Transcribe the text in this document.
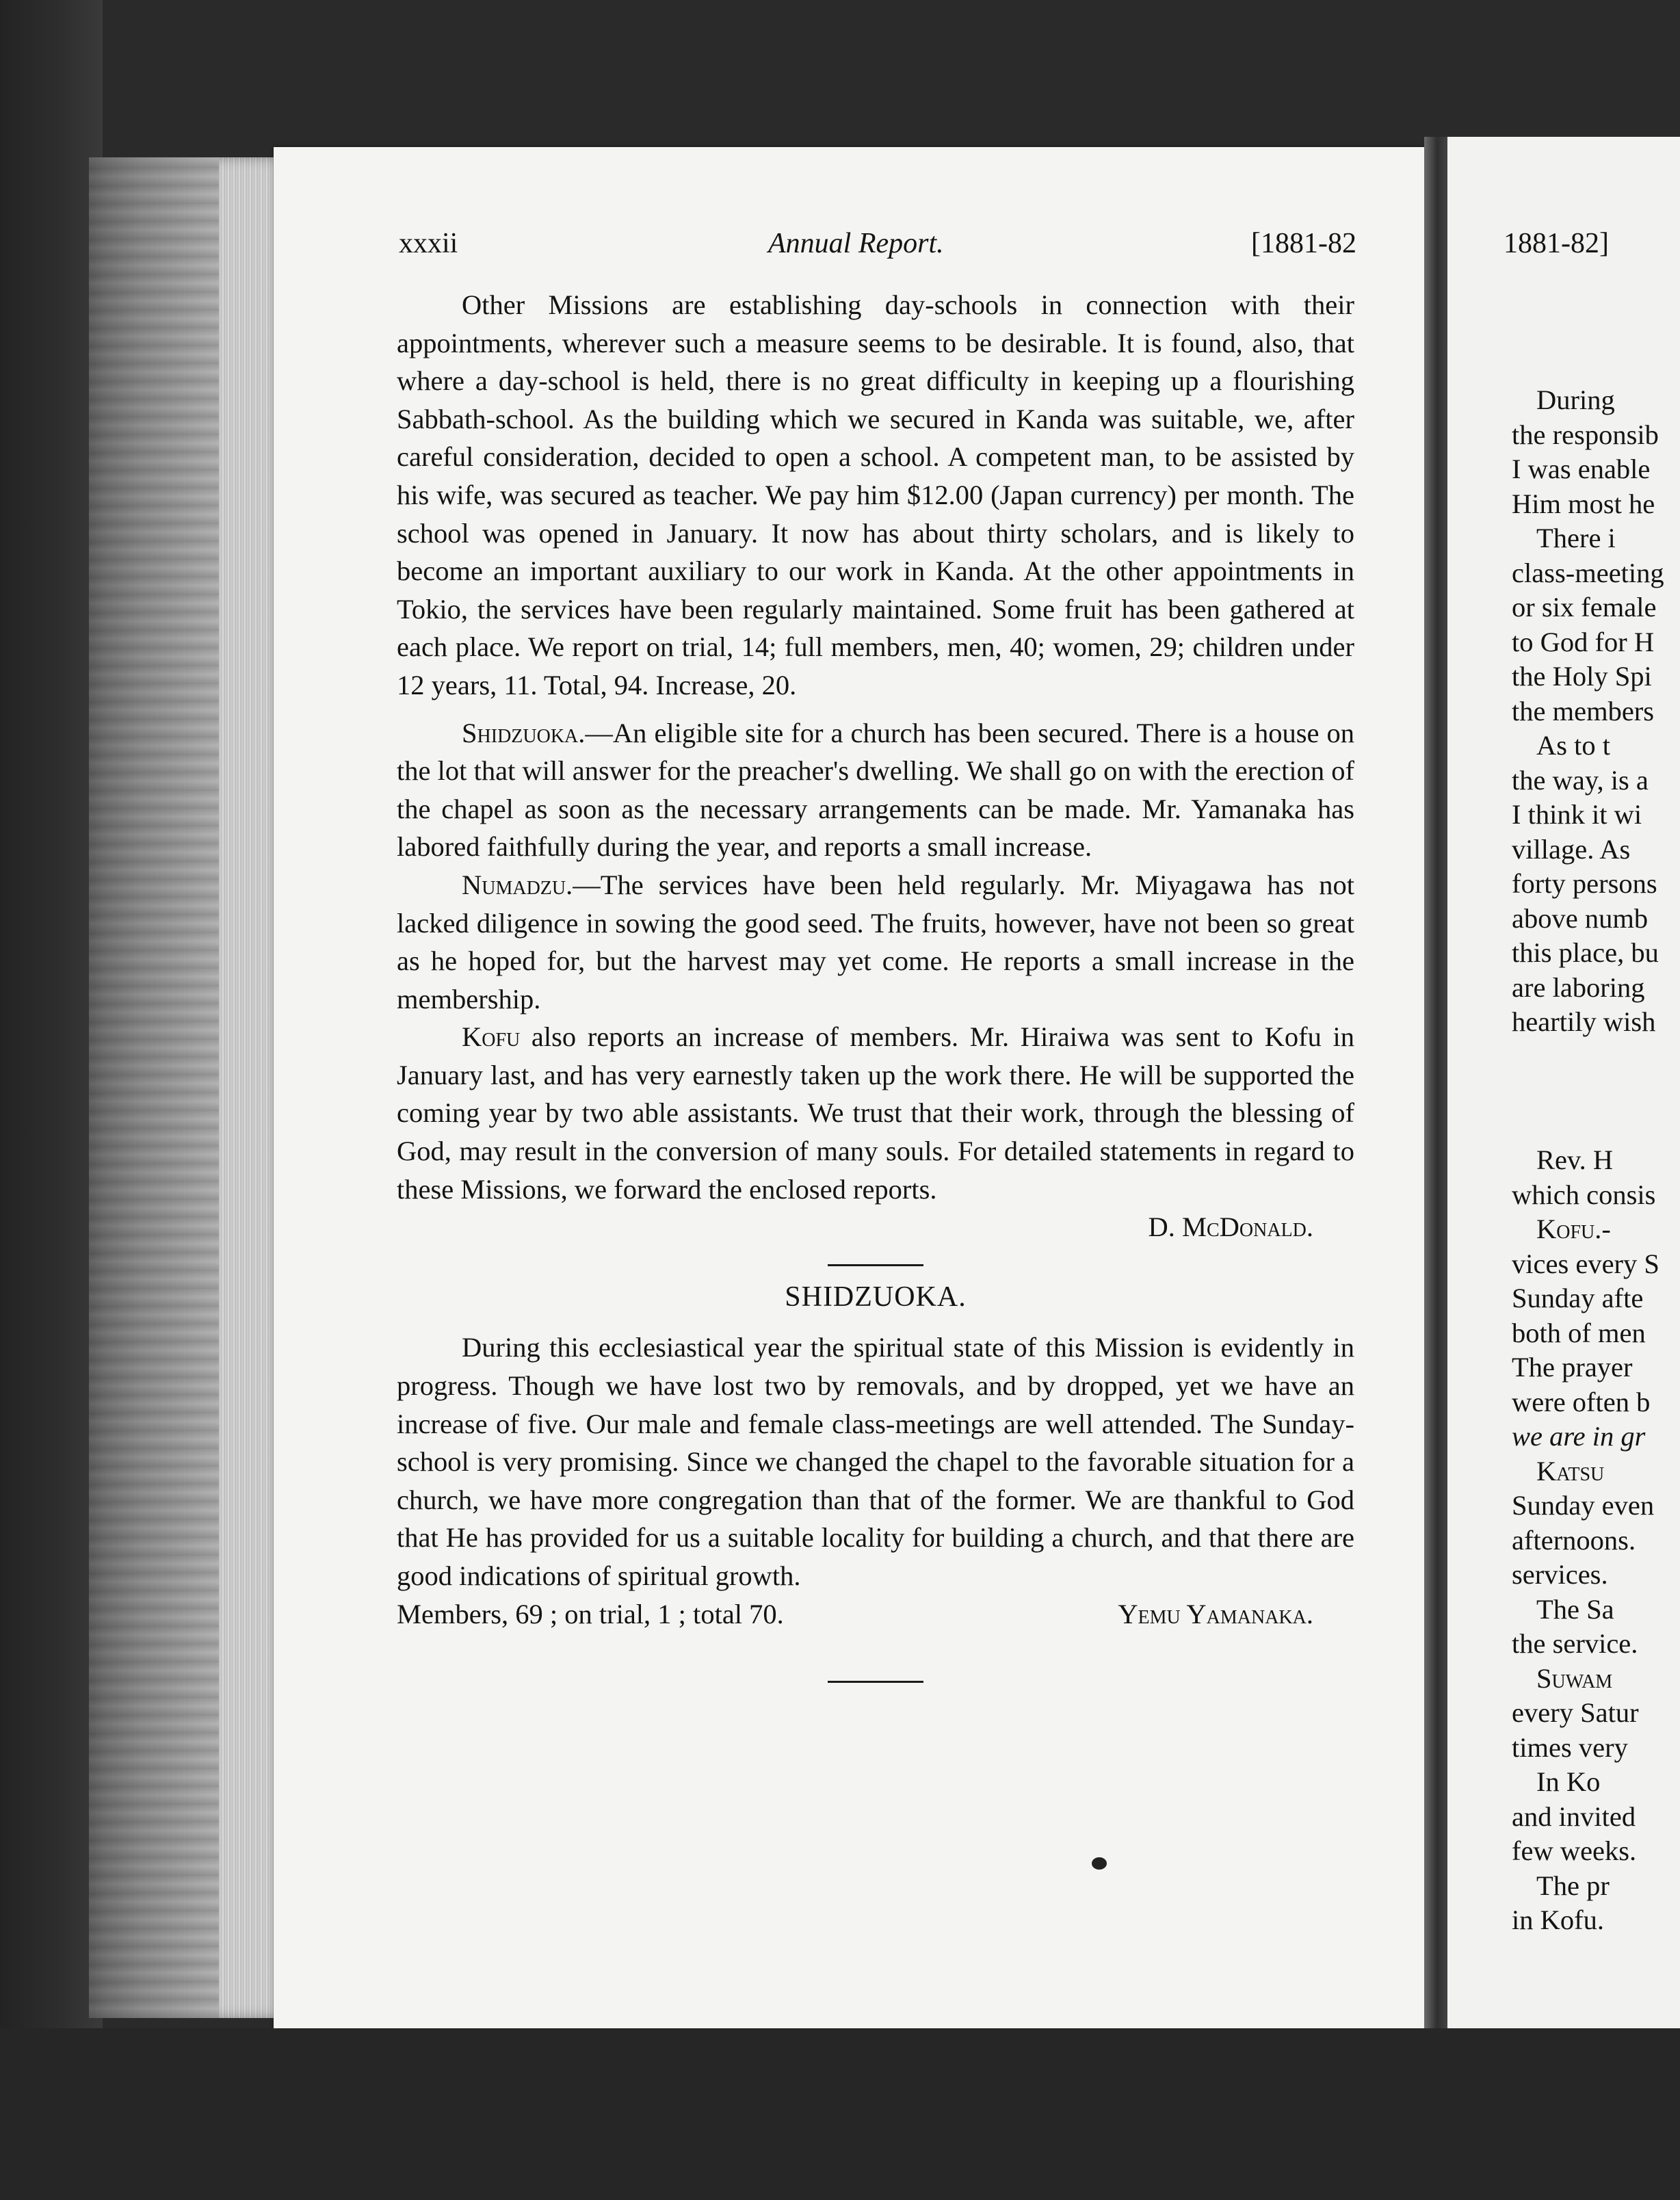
xxxii	Annual Report.	[1881-82

Other Missions are establishing day-schools in connection with their appointments, wherever such a measure seems to be desirable. It is found, also, that where a day-school is held, there is no great difficulty in keeping up a flourishing Sabbath-school. As the building which we secured in Kanda was suitable, we, after careful consideration, decided to open a school. A competent man, to be assisted by his wife, was secured as teacher. We pay him $12.00 (Japan currency) per month. The school was opened in January. It now has about thirty scholars, and is likely to become an important auxiliary to our work in Kanda. At the other appointments in Tokio, the services have been regularly maintained. Some fruit has been gathered at each place. We report on trial, 14; full members, men, 40; women, 29; children under 12 years, 11. Total, 94. Increase, 20.

Shidzuoka.—An eligible site for a church has been secured. There is a house on the lot that will answer for the preacher's dwelling. We shall go on with the erection of the chapel as soon as the necessary arrangements can be made. Mr. Yamanaka has labored faithfully during the year, and reports a small increase.

Numadzu.—The services have been held regularly. Mr. Miyagawa has not lacked diligence in sowing the good seed. The fruits, however, have not been so great as he hoped for, but the harvest may yet come. He reports a small increase in the membership.

Kofu also reports an increase of members. Mr. Hiraiwa was sent to Kofu in January last, and has very earnestly taken up the work there. He will be supported the coming year by two able assistants. We trust that their work, through the blessing of God, may result in the conversion of many souls. For detailed statements in regard to these Missions, we forward the enclosed reports.

D. McDonald.

SHIDZUOKA.

During this ecclesiastical year the spiritual state of this Mission is evidently in progress. Though we have lost two by removals, and by dropped, yet we have an increase of five. Our male and female class-meetings are well attended. The Sunday-school is very promising. Since we changed the chapel to the favorable situation for a church, we have more congregation than that of the former. We are thankful to God that He has provided for us a suitable locality for building a church, and that there are good indications of spiritual growth.

Members, 69 ; on trial, 1 ; total 70.	Yemu Yamanaka.

1881-82]
During
the responsib
I was enable
Him most he
There i
class-meeting
or six female
to God for H
the Holy Spi
the members
As to t
the way, is a
I think it wi
village. As
forty persons
above numb
this place, bu
are laboring
heartily wish
Rev. H
which consis
Kofu.-
vices every S
Sunday afte
both of men
The prayer
were often b
we are in gr
Katsu
Sunday even
afternoons.
services.
The Sa
the service.
Suwam
every Satur
times very
In Ko
and invited
few weeks.
The pr
in Kofu.
